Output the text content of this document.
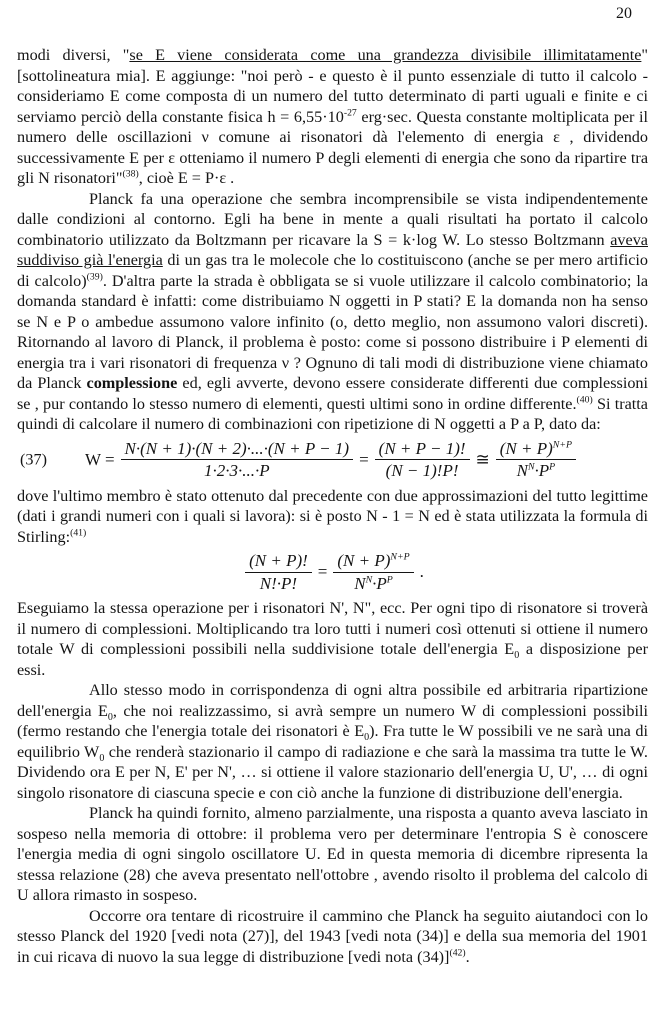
20

modi diversi, "se E viene considerata come una grandezza divisibile illimitatamente" [sottolineatura mia]. E aggiunge: "noi però - e questo è il punto essenziale di tutto il calcolo - consideriamo E come composta di un numero del tutto determinato di parti uguali e finite e ci serviamo perciò della constante fisica $h = 6,55\cdot 10^{-27}$ erg·sec. Questa constante moltiplicata per il numero delle oscillazioni ν comune ai risonatori dà l'elemento di energia ε , dividendo successivamente E per ε otteniamo il numero P degli elementi di energia che sono da ripartire tra gli N risonatori"$^{(38)}$, cioè E = P·ε .

Planck fa una operazione che sembra incomprensibile se vista indipendentemente dalle condizioni al contorno. Egli ha bene in mente a quali risultati ha portato il calcolo combinatorio utilizzato da Boltzmann per ricavare la S = k·log W. Lo stesso Boltzmann aveva suddiviso già l'energia di un gas tra le molecole che lo costituiscono (anche se per mero artificio di calcolo)$^{(39)}$. D'altra parte la strada è obbligata se si vuole utilizzare il calcolo combinatorio; la domanda standard è infatti: come distribuiamo N oggetti in P stati? E la domanda non ha senso se N e P o ambedue assumono valore infinito (o, detto meglio, non assumono valori discreti). Ritornando al lavoro di Planck, il problema è posto: come si possono distribuire i P elementi di energia tra i vari risonatori di frequenza ν ? Ognuno di tali modi di distribuzione viene chiamato da Planck complessione ed, egli avverte, devono essere considerate differenti due complessioni se , pur contando lo stesso numero di elementi, questi ultimi sono in ordine differente.$^{(40)}$ Si tratta quindi di calcolare il numero di combinazioni con ripetizione di N oggetti a P a P, dato da:

(37) $W = \frac{N\cdot(N + 1)\cdot(N + 2)\cdot...\cdot(N + P - 1)}{1\cdot 2\cdot 3\cdot...\cdot P} = \frac{(N + P - 1)!}{(N - 1)!P!}$ ≅ $\frac{(N + P)^{N+P}}{N^N\cdot P^P}$

dove l'ultimo membro è stato ottenuto dal precedente con due approssimazioni del tutto legittime (dati i grandi numeri con i quali si lavora): si è posto N - 1 = N ed è stata utilizzata la formula di Stirling:$^{(41)}$

$\frac{(N + P)!}{N!\cdot P!} = \frac{(N + P)^{N+P}}{N^N\cdot P^P}$ .

Eseguiamo la stessa operazione per i risonatori N', N", ecc. Per ogni tipo di risonatore si troverà il numero di complessioni. Moltiplicando tra loro tutti i numeri così ottenuti si ottiene il numero totale W di complessioni possibili nella suddivisione totale dell'energia $E_0$ a disposizione per essi.

Allo stesso modo in corrispondenza di ogni altra possibile ed arbitraria ripartizione dell'energia $E_0$, che noi realizzassimo, si avrà sempre un numero W di complessioni possibili (fermo restando che l'energia totale dei risonatori è $E_0$). Fra tutte le W possibili ve ne sarà una di equilibrio $W_0$ che renderà stazionario il campo di radiazione e che sarà la massima tra tutte le W. Dividendo ora E per N, E' per N', … si ottiene il valore stazionario dell'energia U, U', … di ogni singolo risonatore di ciascuna specie e con ciò anche la funzione di distribuzione dell'energia.

Planck ha quindi fornito, almeno parzialmente, una risposta a quanto aveva lasciato in sospeso nella memoria di ottobre: il problema vero per determinare l'entropia S è conoscere l'energia media di ogni singolo oscillatore U. Ed in questa memoria di dicembre ripresenta la stessa relazione (28) che aveva presentato nell'ottobre , avendo risolto il problema del calcolo di U allora rimasto in sospeso.

Occorre ora tentare di ricostruire il cammino che Planck ha seguito aiutandoci con lo stesso Planck del 1920 [vedi nota (27)], del 1943 [vedi nota (34)] e della sua memoria del 1901 in cui ricava di nuovo la sua legge di distribuzione [vedi nota (34)]$^{(42)}$.
